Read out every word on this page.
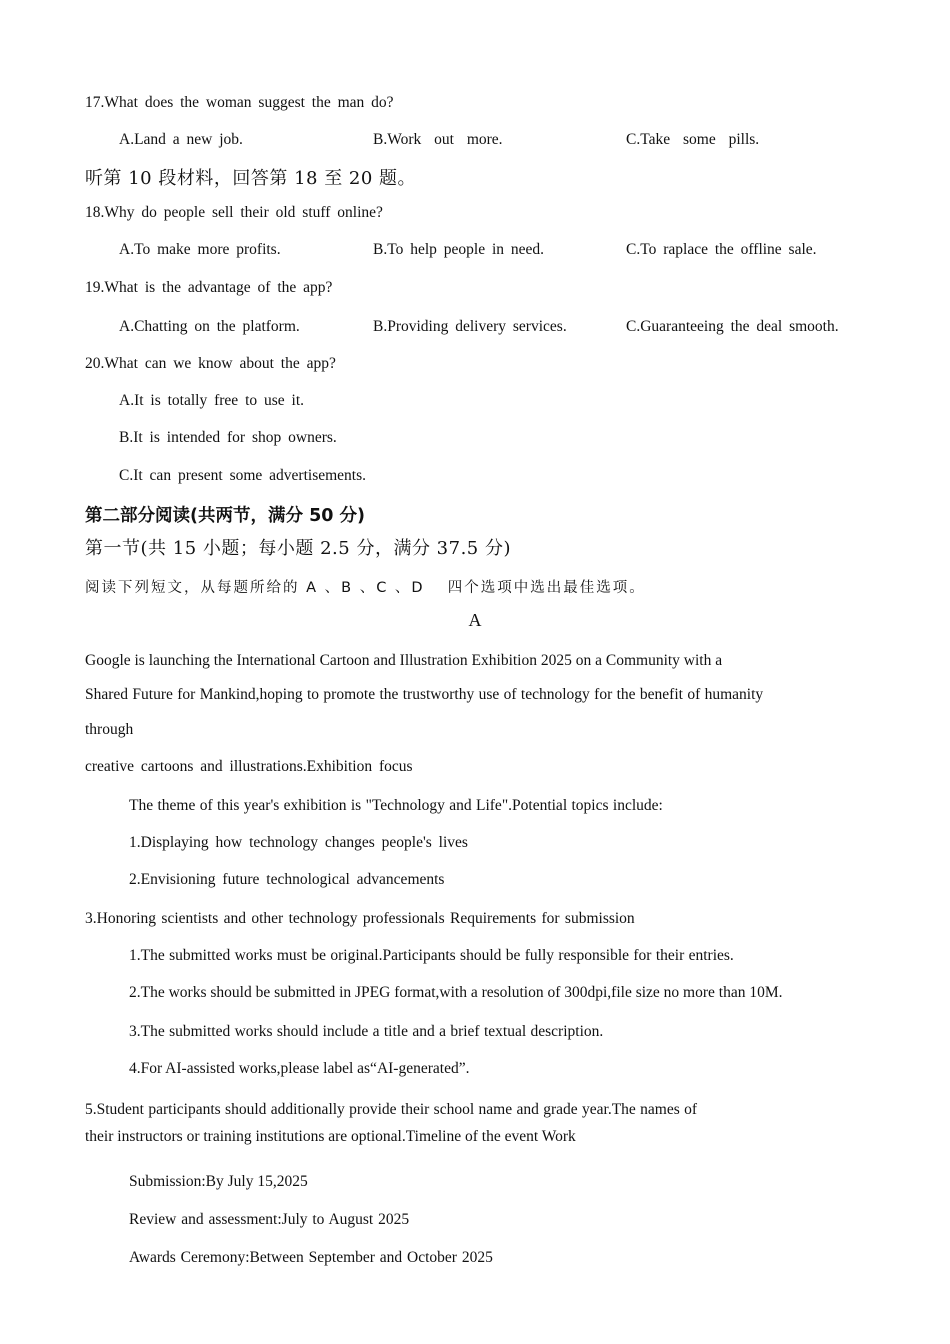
17.What does the woman suggest the man do?
A.Land a new job.	B.Work out more.	C.Take some pills.
听第 10 段材料，回答第 18 至 20 题。
18.Why do people sell their old stuff online?
A.To make more profits.	B.To help people in need.	C.To raplace the offline sale.
19.What is the advantage of the app?
A.Chatting on the platform.	B.Providing delivery services.	C.Guaranteeing the deal smooth.
20.What can we know about the app?
A.It is totally free to use it.
B.It is intended for shop owners.
C.It can present some advertisements.
第二部分阅读(共两节，满分 50 分)
第一节(共 15 小题；每小题 2.5 分，满分 37.5 分)
阅读下列短文，从每题所给的 A 、B 、C 、D　 四个选项中选出最佳选项。
A
Google is launching the International Cartoon and Illustration Exhibition 2025 on a Community with a
Shared Future for Mankind,hoping to promote the trustworthy use of technology for the benefit of humanity
through
creative cartoons and illustrations.Exhibition focus
The theme of this year's exhibition is "Technology and Life".Potential topics include:
1.Displaying how technology changes people's lives
2.Envisioning future technological advancements
3.Honoring scientists and other technology professionals Requirements for submission
1.The submitted works must be original.Participants should be fully responsible for their entries.
2.The works should be submitted in JPEG format,with a resolution of 300dpi,file size no more than 10M.
3.The submitted works should include a title and a brief textual description.
4.For AI-assisted works,please label as“AI-generated”.
5.Student participants should additionally provide their school name and grade year.The names of
their instructors or training institutions are optional.Timeline of the event Work
Submission:By July 15,2025
Review and assessment:July to August 2025
Awards Ceremony:Between September and October 2025
